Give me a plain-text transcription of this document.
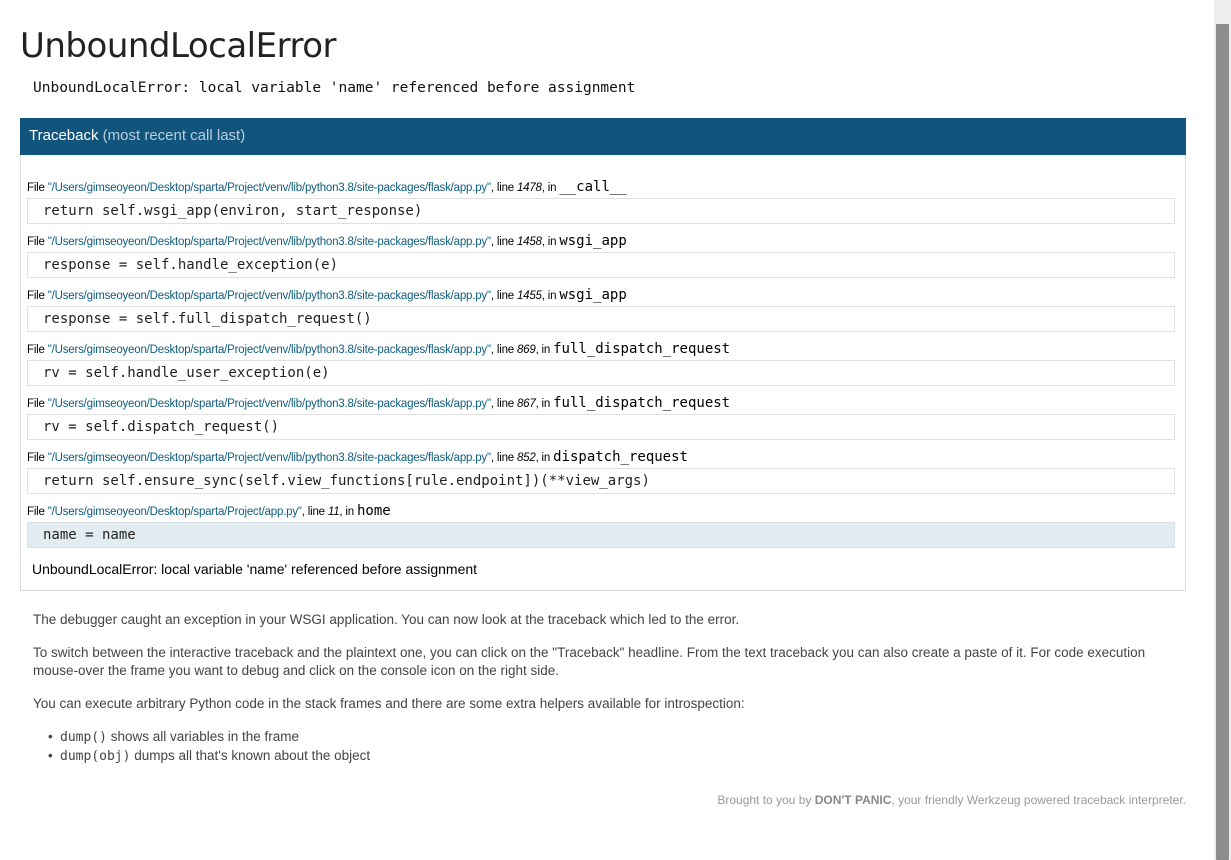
UnboundLocalError
UnboundLocalError: local variable 'name' referenced before assignment
Traceback (most recent call last)
File "/Users/gimseoyeon/Desktop/sparta/Project/venv/lib/python3.8/site-packages/flask/app.py", line 1478, in __call__
return self.wsgi_app(environ, start_response)
File "/Users/gimseoyeon/Desktop/sparta/Project/venv/lib/python3.8/site-packages/flask/app.py", line 1458, in wsgi_app
response = self.handle_exception(e)
File "/Users/gimseoyeon/Desktop/sparta/Project/venv/lib/python3.8/site-packages/flask/app.py", line 1455, in wsgi_app
response = self.full_dispatch_request()
File "/Users/gimseoyeon/Desktop/sparta/Project/venv/lib/python3.8/site-packages/flask/app.py", line 869, in full_dispatch_request
rv = self.handle_user_exception(e)
File "/Users/gimseoyeon/Desktop/sparta/Project/venv/lib/python3.8/site-packages/flask/app.py", line 867, in full_dispatch_request
rv = self.dispatch_request()
File "/Users/gimseoyeon/Desktop/sparta/Project/venv/lib/python3.8/site-packages/flask/app.py", line 852, in dispatch_request
return self.ensure_sync(self.view_functions[rule.endpoint])(**view_args)
File "/Users/gimseoyeon/Desktop/sparta/Project/app.py", line 11, in home
name = name
UnboundLocalError: local variable 'name' referenced before assignment

The debugger caught an exception in your WSGI application. You can now look at the traceback which led to the error.

To switch between the interactive traceback and the plaintext one, you can click on the "Traceback" headline. From the text traceback you can also create a paste of it. For code execution mouse-over the frame you want to debug and click on the console icon on the right side.

You can execute arbitrary Python code in the stack frames and there are some extra helpers available for introspection:

• dump() shows all variables in the frame
• dump(obj) dumps all that's known about the object
Brought to you by DON'T PANIC, your friendly Werkzeug powered traceback interpreter.
